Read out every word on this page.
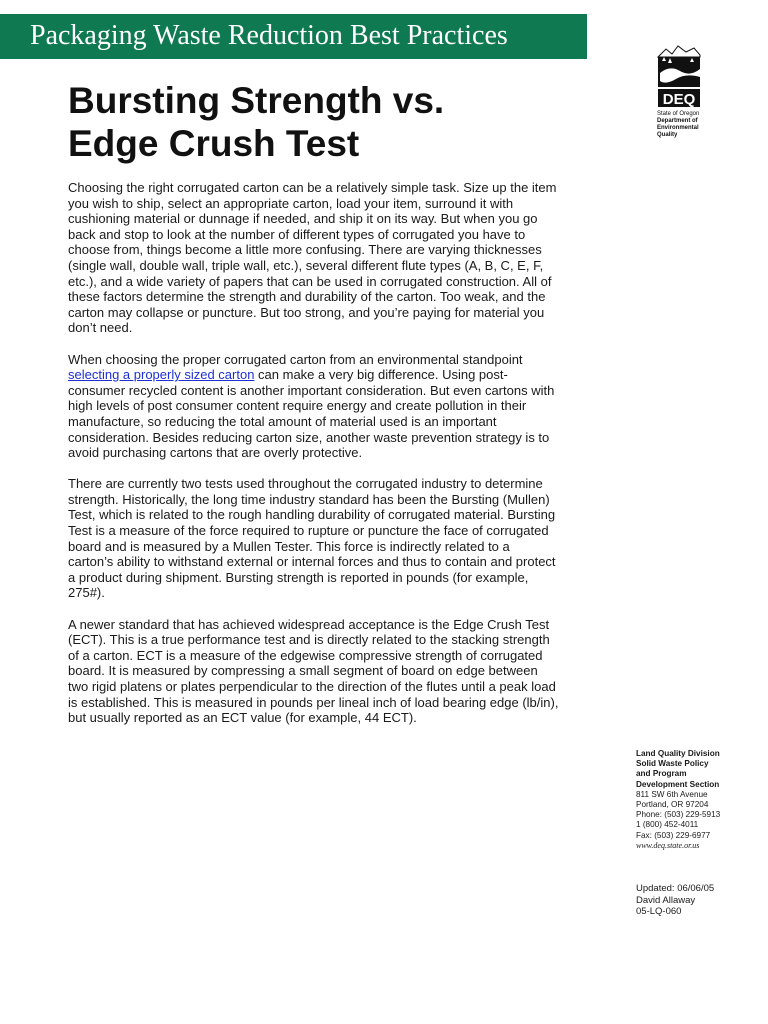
Packaging Waste Reduction Best Practices
Bursting Strength vs.
Edge Crush Test
DEQ
State of Oregon
Department of
Environmental
Quality

Choosing the right corrugated carton can be a relatively simple task. Size up the item
you wish to ship, select an appropriate carton, load your item, surround it with
cushioning material or dunnage if needed, and ship it on its way. But when you go
back and stop to look at the number of different types of corrugated you have to
choose from, things become a little more confusing. There are varying thicknesses
(single wall, double wall, triple wall, etc.), several different flute types (A, B, C, E, F,
etc.), and a wide variety of papers that can be used in corrugated construction. All of
these factors determine the strength and durability of the carton. Too weak, and the
carton may collapse or puncture. But too strong, and you’re paying for material you
don’t need.

When choosing the proper corrugated carton from an environmental standpoint
selecting a properly sized carton can make a very big difference. Using post-
consumer recycled content is another important consideration. But even cartons with
high levels of post consumer content require energy and create pollution in their
manufacture, so reducing the total amount of material used is an important
consideration. Besides reducing carton size, another waste prevention strategy is to
avoid purchasing cartons that are overly protective.

There are currently two tests used throughout the corrugated industry to determine
strength. Historically, the long time industry standard has been the Bursting (Mullen)
Test, which is related to the rough handling durability of corrugated material. Bursting
Test is a measure of the force required to rupture or puncture the face of corrugated
board and is measured by a Mullen Tester. This force is indirectly related to a
carton’s ability to withstand external or internal forces and thus to contain and protect
a product during shipment. Bursting strength is reported in pounds (for example,
275#).

A newer standard that has achieved widespread acceptance is the Edge Crush Test
(ECT). This is a true performance test and is directly related to the stacking strength
of a carton. ECT is a measure of the edgewise compressive strength of corrugated
board. It is measured by compressing a small segment of board on edge between
two rigid platens or plates perpendicular to the direction of the flutes until a peak load
is established. This is measured in pounds per lineal inch of load bearing edge (lb/in),
but usually reported as an ECT value (for example, 44 ECT).

Land Quality Division
Solid Waste Policy
and Program
Development Section
811 SW 6th Avenue
Portland, OR 97204
Phone: (503) 229-5913
1 (800) 452-4011
Fax: (503) 229-6977
www.deq.state.or.us
Updated: 06/06/05
David Allaway
05-LQ-060
